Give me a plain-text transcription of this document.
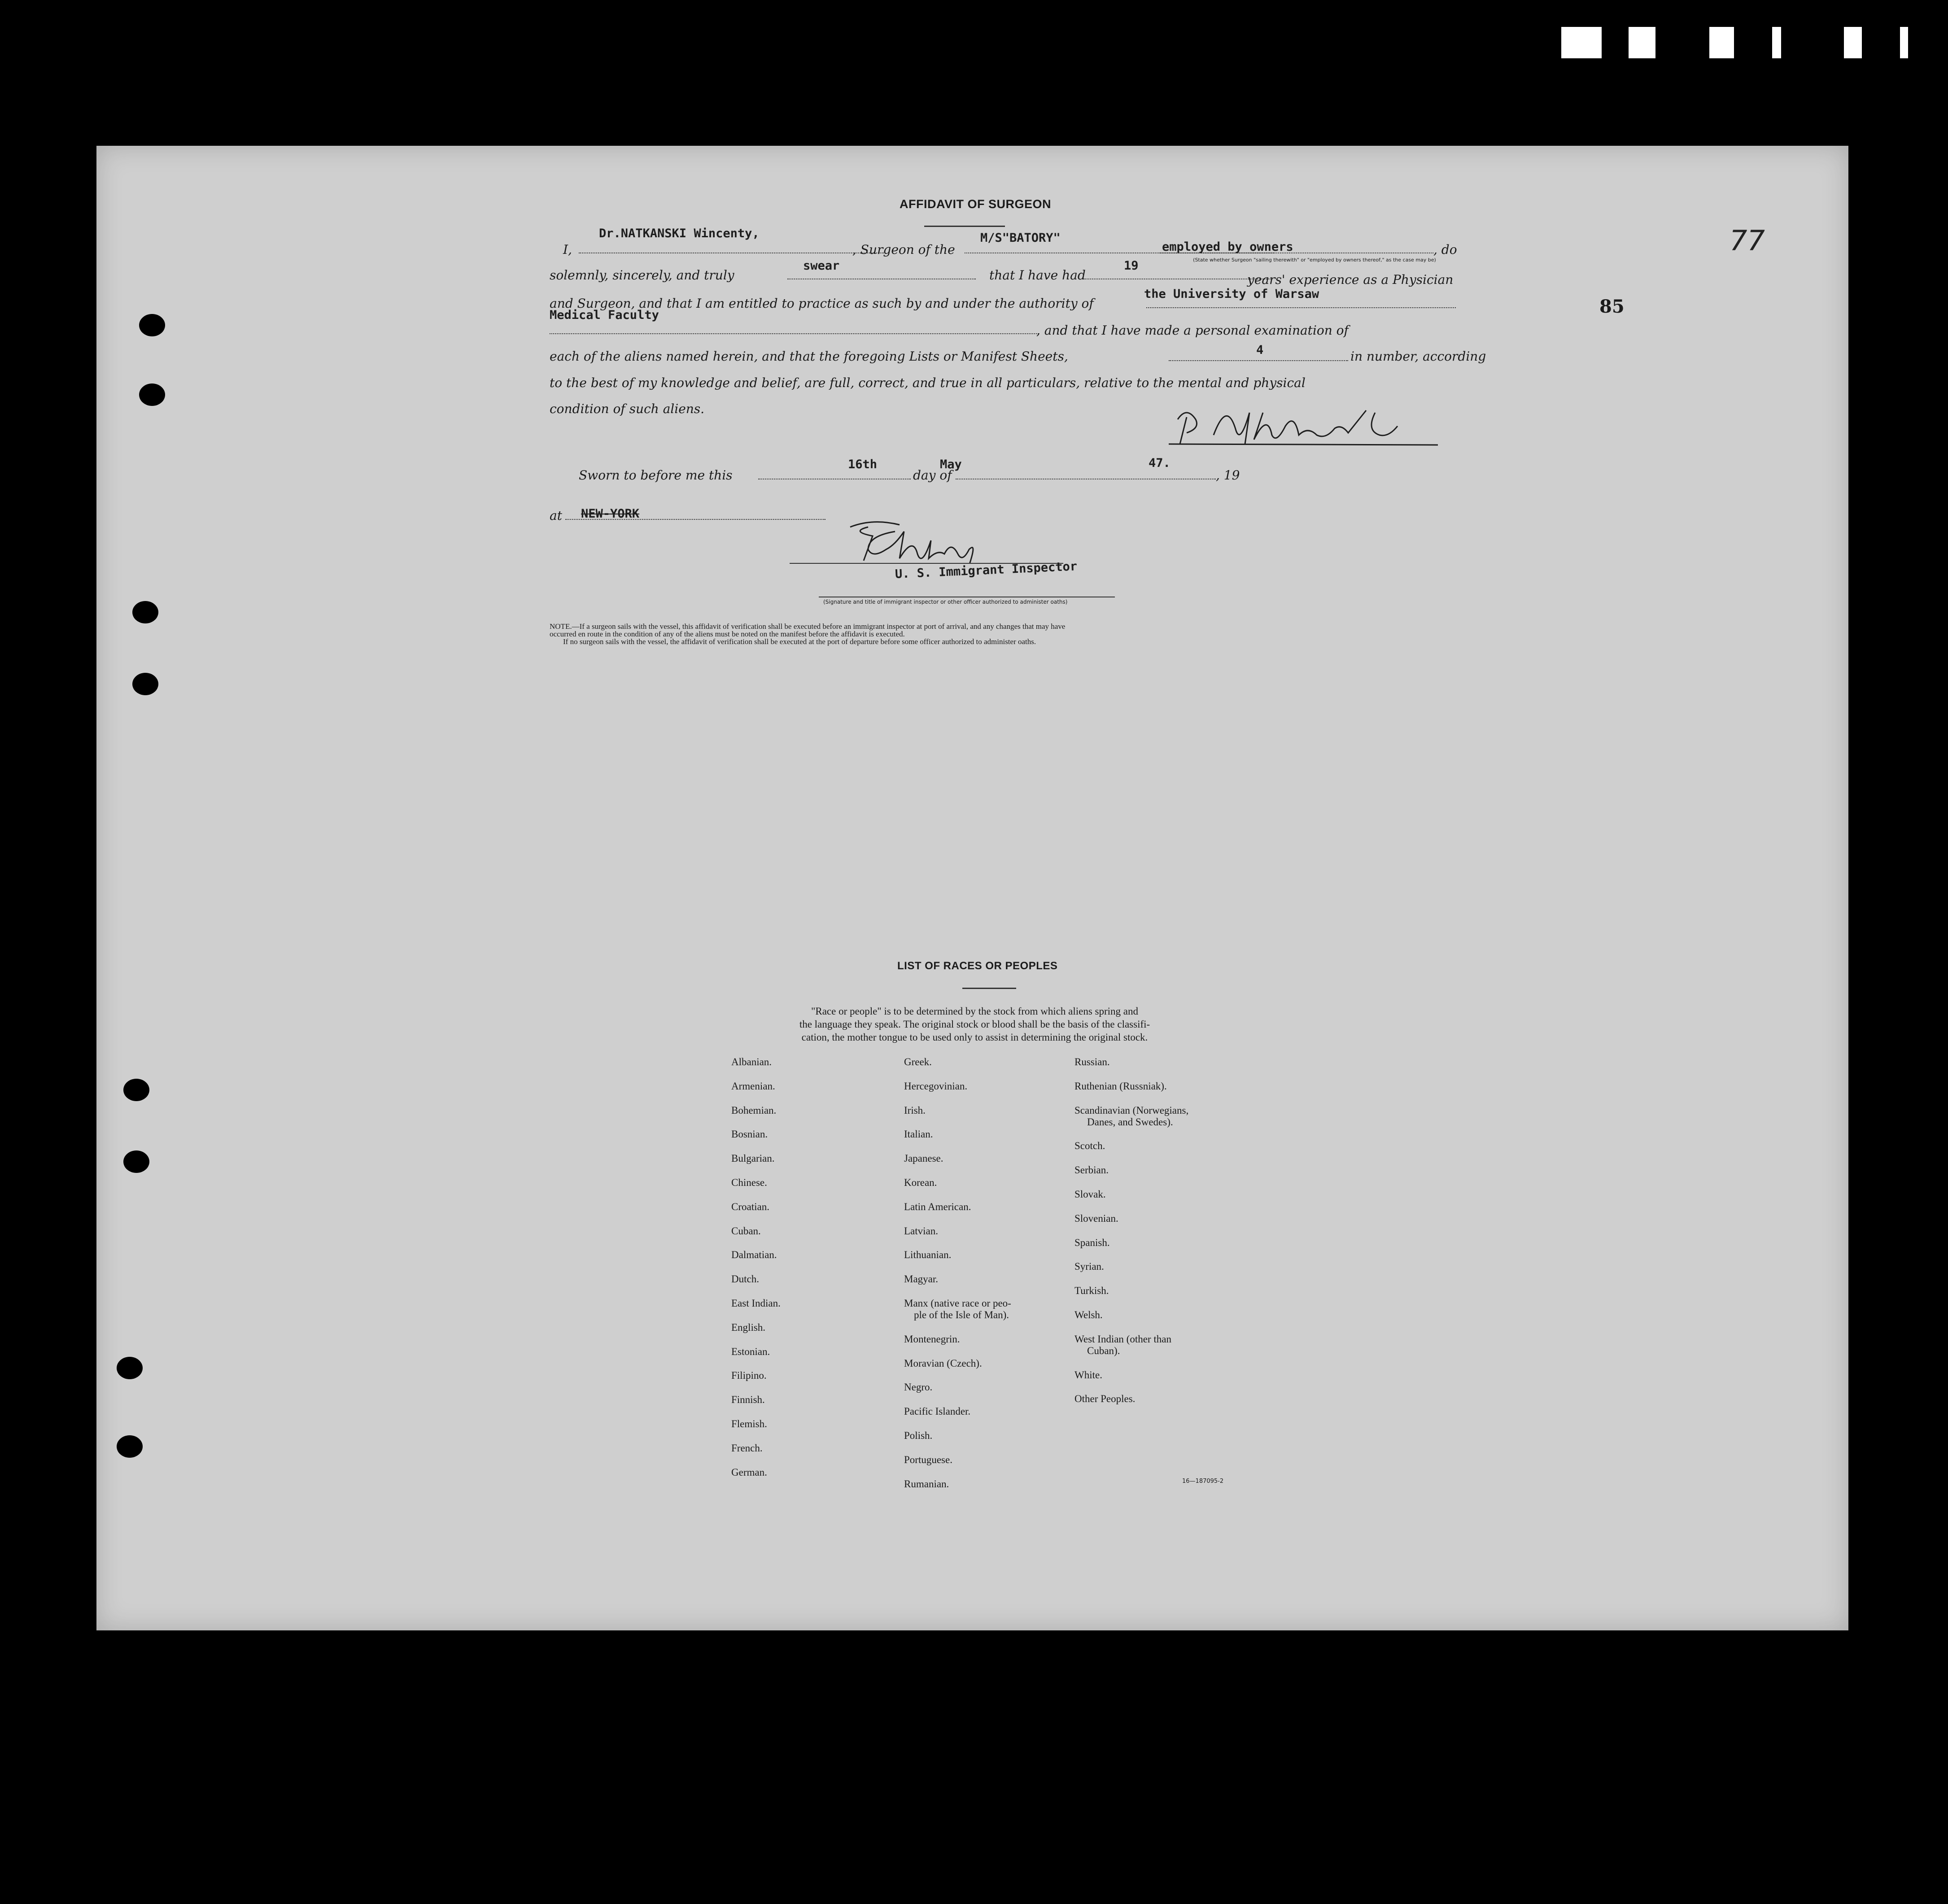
77
85
AFFIDAVIT OF SURGEON
I,
Dr.NATKANSKI Wincenty,
, Surgeon of the
M/S"BATORY"
employed by owners	, do
(State whether Surgeon "sailing therewith" or "employed by owners thereof," as the case may be)
solemnly, sincerely, and truly
swear
that I have had
19
years' experience as a Physician
and Surgeon, and that I am entitled to practice as such by and under the authority of
the University of Warsaw
Medical Faculty
, and that I have made a personal examination of
each of the aliens named herein, and that the foregoing Lists or Manifest Sheets,	4	in number, according
to the best of my knowledge and belief, are full, correct, and true in all particulars, relative to the mental and physical
condition of such aliens.
Sworn to before me this
16th
day of
May
, 19
47.
at NEW-YORK
U. S. Immigrant Inspector
(Signature and title of immigrant inspector or other officer authorized to administer oaths)
NOTE.—If a surgeon sails with the vessel, this affidavit of verification shall be executed before an immigrant inspector at port of arrival, and any changes that may have
occurred en route in the condition of any of the aliens must be noted on the manifest before the affidavit is executed.
If no surgeon sails with the vessel, the affidavit of verification shall be executed at the port of departure before some officer authorized to administer oaths.
LIST OF RACES OR PEOPLES
"Race or people" is to be determined by the stock from which aliens spring and
the language they speak. The original stock or blood shall be the basis of the classifi-
cation, the mother tongue to be used only to assist in determining the original stock.
16—187095-2
Albanian.
Armenian.
Bohemian.
Bosnian.
Bulgarian.
Chinese.
Croatian.
Cuban.
Dalmatian.
Dutch.
East Indian.
English.
Estonian.
Filipino.
Finnish.
Flemish.
French.
German.
Greek.
Hercegovinian.
Irish.
Italian.
Japanese.
Korean.
Latin American.
Latvian.
Lithuanian.
Magyar.
Manx (native race or peo-
ple of the Isle of Man).
Montenegrin.
Moravian (Czech).
Negro.
Pacific Islander.
Polish.
Portuguese.
Rumanian.
Russian.
Ruthenian (Russniak).
Scandinavian (Norwegians,
Danes, and Swedes).
Scotch.
Serbian.
Slovak.
Slovenian.
Spanish.
Syrian.
Turkish.
Welsh.
West Indian (other than
Cuban).
White.
Other Peoples.
